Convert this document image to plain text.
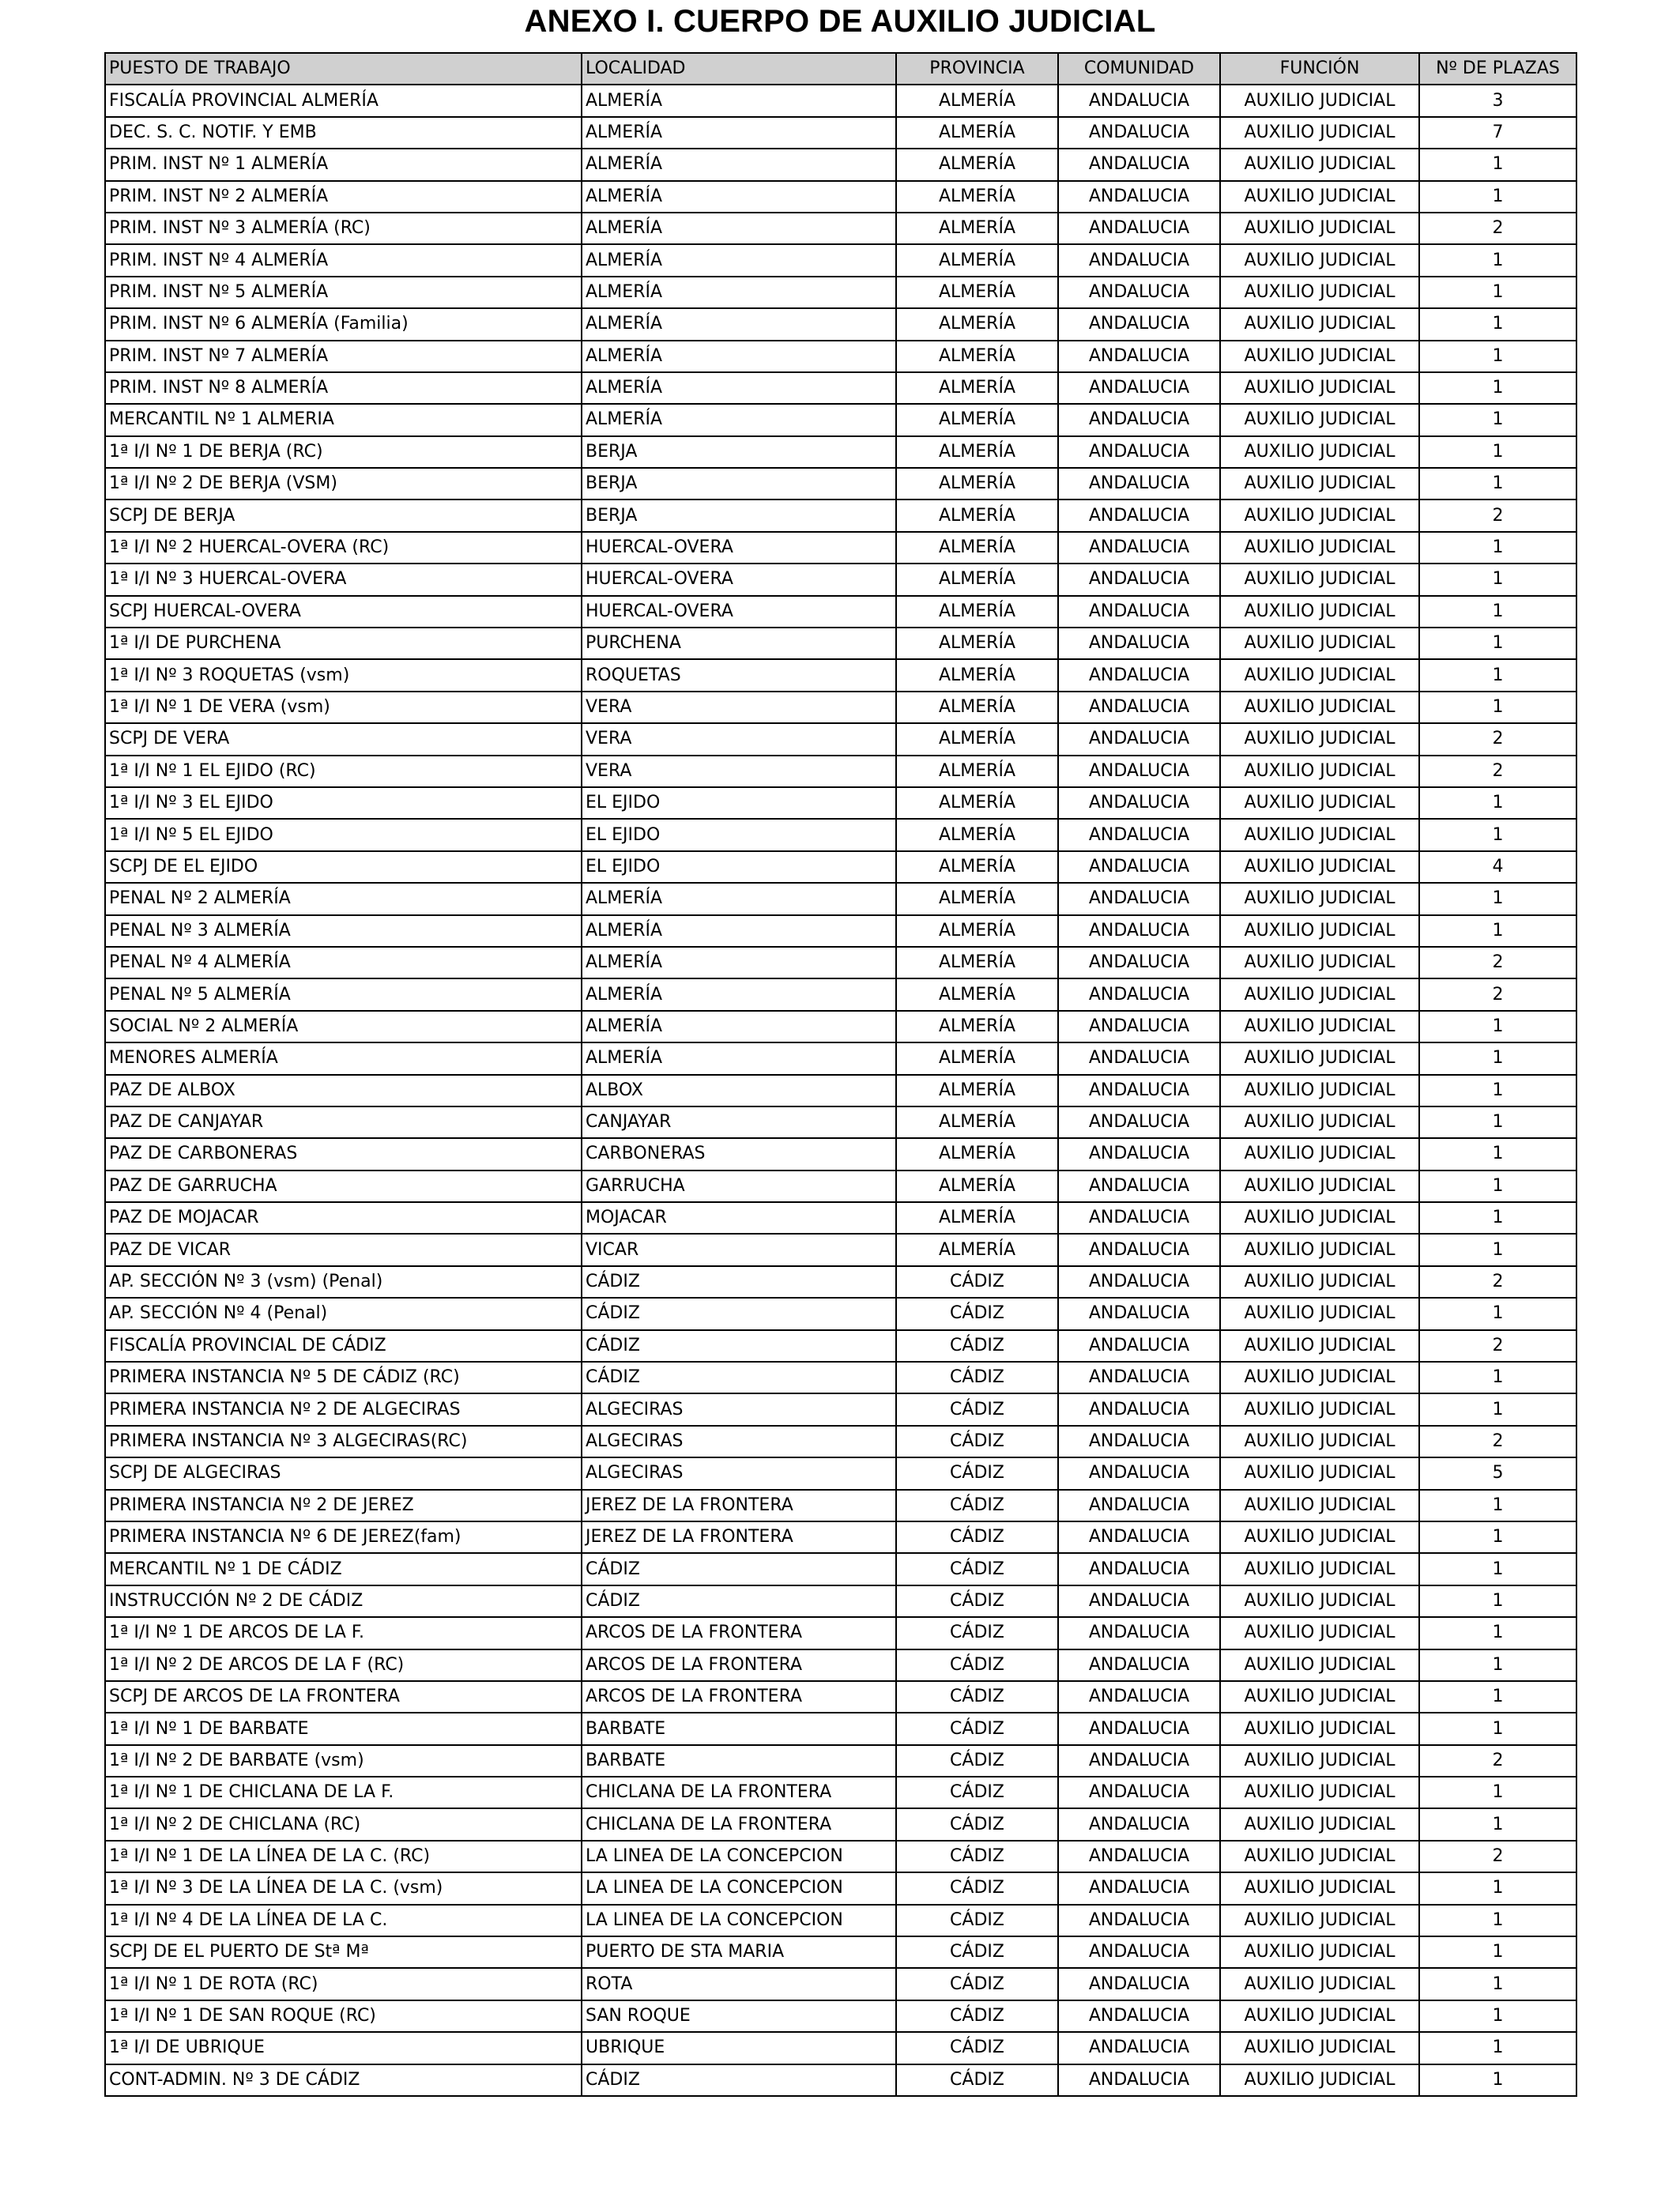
ANEXO I. CUERPO DE AUXILIO JUDICIAL
PUESTO DE TRABAJO	LOCALIDAD	PROVINCIA	COMUNIDAD	FUNCIÓN	Nº DE PLAZAS
FISCALÍA PROVINCIAL ALMERÍA	ALMERÍA	ALMERÍA	ANDALUCIA	AUXILIO JUDICIAL	3
DEC. S. C. NOTIF. Y EMB	ALMERÍA	ALMERÍA	ANDALUCIA	AUXILIO JUDICIAL	7
PRIM. INST Nº 1 ALMERÍA	ALMERÍA	ALMERÍA	ANDALUCIA	AUXILIO JUDICIAL	1
PRIM. INST Nº 2 ALMERÍA	ALMERÍA	ALMERÍA	ANDALUCIA	AUXILIO JUDICIAL	1
PRIM. INST Nº 3 ALMERÍA (RC)	ALMERÍA	ALMERÍA	ANDALUCIA	AUXILIO JUDICIAL	2
PRIM. INST Nº 4 ALMERÍA	ALMERÍA	ALMERÍA	ANDALUCIA	AUXILIO JUDICIAL	1
PRIM. INST Nº 5 ALMERÍA	ALMERÍA	ALMERÍA	ANDALUCIA	AUXILIO JUDICIAL	1
PRIM. INST Nº 6 ALMERÍA (Familia)	ALMERÍA	ALMERÍA	ANDALUCIA	AUXILIO JUDICIAL	1
PRIM. INST Nº 7 ALMERÍA	ALMERÍA	ALMERÍA	ANDALUCIA	AUXILIO JUDICIAL	1
PRIM. INST Nº 8 ALMERÍA	ALMERÍA	ALMERÍA	ANDALUCIA	AUXILIO JUDICIAL	1
MERCANTIL Nº 1 ALMERIA	ALMERÍA	ALMERÍA	ANDALUCIA	AUXILIO JUDICIAL	1
1ª I/I Nº 1 DE BERJA (RC)	BERJA	ALMERÍA	ANDALUCIA	AUXILIO JUDICIAL	1
1ª I/I Nº 2 DE BERJA (VSM)	BERJA	ALMERÍA	ANDALUCIA	AUXILIO JUDICIAL	1
SCPJ DE BERJA	BERJA	ALMERÍA	ANDALUCIA	AUXILIO JUDICIAL	2
1ª I/I Nº 2 HUERCAL-OVERA (RC)	HUERCAL-OVERA	ALMERÍA	ANDALUCIA	AUXILIO JUDICIAL	1
1ª I/I Nº 3 HUERCAL-OVERA	HUERCAL-OVERA	ALMERÍA	ANDALUCIA	AUXILIO JUDICIAL	1
SCPJ HUERCAL-OVERA	HUERCAL-OVERA	ALMERÍA	ANDALUCIA	AUXILIO JUDICIAL	1
1ª I/I DE PURCHENA	PURCHENA	ALMERÍA	ANDALUCIA	AUXILIO JUDICIAL	1
1ª I/I Nº 3 ROQUETAS (vsm)	ROQUETAS	ALMERÍA	ANDALUCIA	AUXILIO JUDICIAL	1
1ª I/I Nº 1 DE VERA (vsm)	VERA	ALMERÍA	ANDALUCIA	AUXILIO JUDICIAL	1
SCPJ DE VERA	VERA	ALMERÍA	ANDALUCIA	AUXILIO JUDICIAL	2
1ª I/I Nº 1 EL EJIDO (RC)	VERA	ALMERÍA	ANDALUCIA	AUXILIO JUDICIAL	2
1ª I/I Nº 3 EL EJIDO	EL EJIDO	ALMERÍA	ANDALUCIA	AUXILIO JUDICIAL	1
1ª I/I Nº 5 EL EJIDO	EL EJIDO	ALMERÍA	ANDALUCIA	AUXILIO JUDICIAL	1
SCPJ DE EL EJIDO	EL EJIDO	ALMERÍA	ANDALUCIA	AUXILIO JUDICIAL	4
PENAL Nº 2 ALMERÍA	ALMERÍA	ALMERÍA	ANDALUCIA	AUXILIO JUDICIAL	1
PENAL Nº 3 ALMERÍA	ALMERÍA	ALMERÍA	ANDALUCIA	AUXILIO JUDICIAL	1
PENAL Nº 4 ALMERÍA	ALMERÍA	ALMERÍA	ANDALUCIA	AUXILIO JUDICIAL	2
PENAL Nº 5 ALMERÍA	ALMERÍA	ALMERÍA	ANDALUCIA	AUXILIO JUDICIAL	2
SOCIAL Nº 2 ALMERÍA	ALMERÍA	ALMERÍA	ANDALUCIA	AUXILIO JUDICIAL	1
MENORES ALMERÍA	ALMERÍA	ALMERÍA	ANDALUCIA	AUXILIO JUDICIAL	1
PAZ DE ALBOX	ALBOX	ALMERÍA	ANDALUCIA	AUXILIO JUDICIAL	1
PAZ DE CANJAYAR	CANJAYAR	ALMERÍA	ANDALUCIA	AUXILIO JUDICIAL	1
PAZ DE CARBONERAS	CARBONERAS	ALMERÍA	ANDALUCIA	AUXILIO JUDICIAL	1
PAZ DE GARRUCHA	GARRUCHA	ALMERÍA	ANDALUCIA	AUXILIO JUDICIAL	1
PAZ DE MOJACAR	MOJACAR	ALMERÍA	ANDALUCIA	AUXILIO JUDICIAL	1
PAZ DE VICAR	VICAR	ALMERÍA	ANDALUCIA	AUXILIO JUDICIAL	1
AP. SECCIÓN Nº 3 (vsm) (Penal)	CÁDIZ	CÁDIZ	ANDALUCIA	AUXILIO JUDICIAL	2
AP. SECCIÓN Nº 4 (Penal)	CÁDIZ	CÁDIZ	ANDALUCIA	AUXILIO JUDICIAL	1
FISCALÍA PROVINCIAL DE CÁDIZ	CÁDIZ	CÁDIZ	ANDALUCIA	AUXILIO JUDICIAL	2
PRIMERA INSTANCIA Nº 5 DE CÁDIZ (RC)	CÁDIZ	CÁDIZ	ANDALUCIA	AUXILIO JUDICIAL	1
PRIMERA INSTANCIA Nº 2 DE ALGECIRAS	ALGECIRAS	CÁDIZ	ANDALUCIA	AUXILIO JUDICIAL	1
PRIMERA INSTANCIA Nº 3 ALGECIRAS(RC)	ALGECIRAS	CÁDIZ	ANDALUCIA	AUXILIO JUDICIAL	2
SCPJ DE ALGECIRAS	ALGECIRAS	CÁDIZ	ANDALUCIA	AUXILIO JUDICIAL	5
PRIMERA INSTANCIA Nº 2 DE JEREZ	JEREZ DE LA FRONTERA	CÁDIZ	ANDALUCIA	AUXILIO JUDICIAL	1
PRIMERA INSTANCIA Nº 6 DE JEREZ(fam)	JEREZ DE LA FRONTERA	CÁDIZ	ANDALUCIA	AUXILIO JUDICIAL	1
MERCANTIL Nº 1 DE CÁDIZ	CÁDIZ	CÁDIZ	ANDALUCIA	AUXILIO JUDICIAL	1
INSTRUCCIÓN Nº 2 DE CÁDIZ	CÁDIZ	CÁDIZ	ANDALUCIA	AUXILIO JUDICIAL	1
1ª I/I Nº 1 DE ARCOS DE LA F.	ARCOS DE LA FRONTERA	CÁDIZ	ANDALUCIA	AUXILIO JUDICIAL	1
1ª I/I Nº 2 DE ARCOS DE LA F (RC)	ARCOS DE LA FRONTERA	CÁDIZ	ANDALUCIA	AUXILIO JUDICIAL	1
SCPJ DE ARCOS DE LA FRONTERA	ARCOS DE LA FRONTERA	CÁDIZ	ANDALUCIA	AUXILIO JUDICIAL	1
1ª I/I Nº 1 DE BARBATE	BARBATE	CÁDIZ	ANDALUCIA	AUXILIO JUDICIAL	1
1ª I/I Nº 2 DE BARBATE (vsm)	BARBATE	CÁDIZ	ANDALUCIA	AUXILIO JUDICIAL	2
1ª I/I Nº 1 DE CHICLANA DE LA F.	CHICLANA DE LA FRONTERA	CÁDIZ	ANDALUCIA	AUXILIO JUDICIAL	1
1ª I/I Nº 2 DE CHICLANA (RC)	CHICLANA DE LA FRONTERA	CÁDIZ	ANDALUCIA	AUXILIO JUDICIAL	1
1ª I/I Nº 1 DE LA LÍNEA DE LA C. (RC)	LA LINEA DE LA CONCEPCION	CÁDIZ	ANDALUCIA	AUXILIO JUDICIAL	2
1ª I/I Nº 3 DE LA LÍNEA DE LA C. (vsm)	LA LINEA DE LA CONCEPCION	CÁDIZ	ANDALUCIA	AUXILIO JUDICIAL	1
1ª I/I Nº 4 DE LA LÍNEA DE LA C.	LA LINEA DE LA CONCEPCION	CÁDIZ	ANDALUCIA	AUXILIO JUDICIAL	1
SCPJ DE EL PUERTO DE Stª Mª	PUERTO DE STA MARIA	CÁDIZ	ANDALUCIA	AUXILIO JUDICIAL	1
1ª I/I Nº 1 DE ROTA (RC)	ROTA	CÁDIZ	ANDALUCIA	AUXILIO JUDICIAL	1
1ª I/I Nº 1 DE SAN ROQUE (RC)	SAN ROQUE	CÁDIZ	ANDALUCIA	AUXILIO JUDICIAL	1
1ª I/I DE UBRIQUE	UBRIQUE	CÁDIZ	ANDALUCIA	AUXILIO JUDICIAL	1
CONT-ADMIN. Nº 3 DE CÁDIZ	CÁDIZ	CÁDIZ	ANDALUCIA	AUXILIO JUDICIAL	1
